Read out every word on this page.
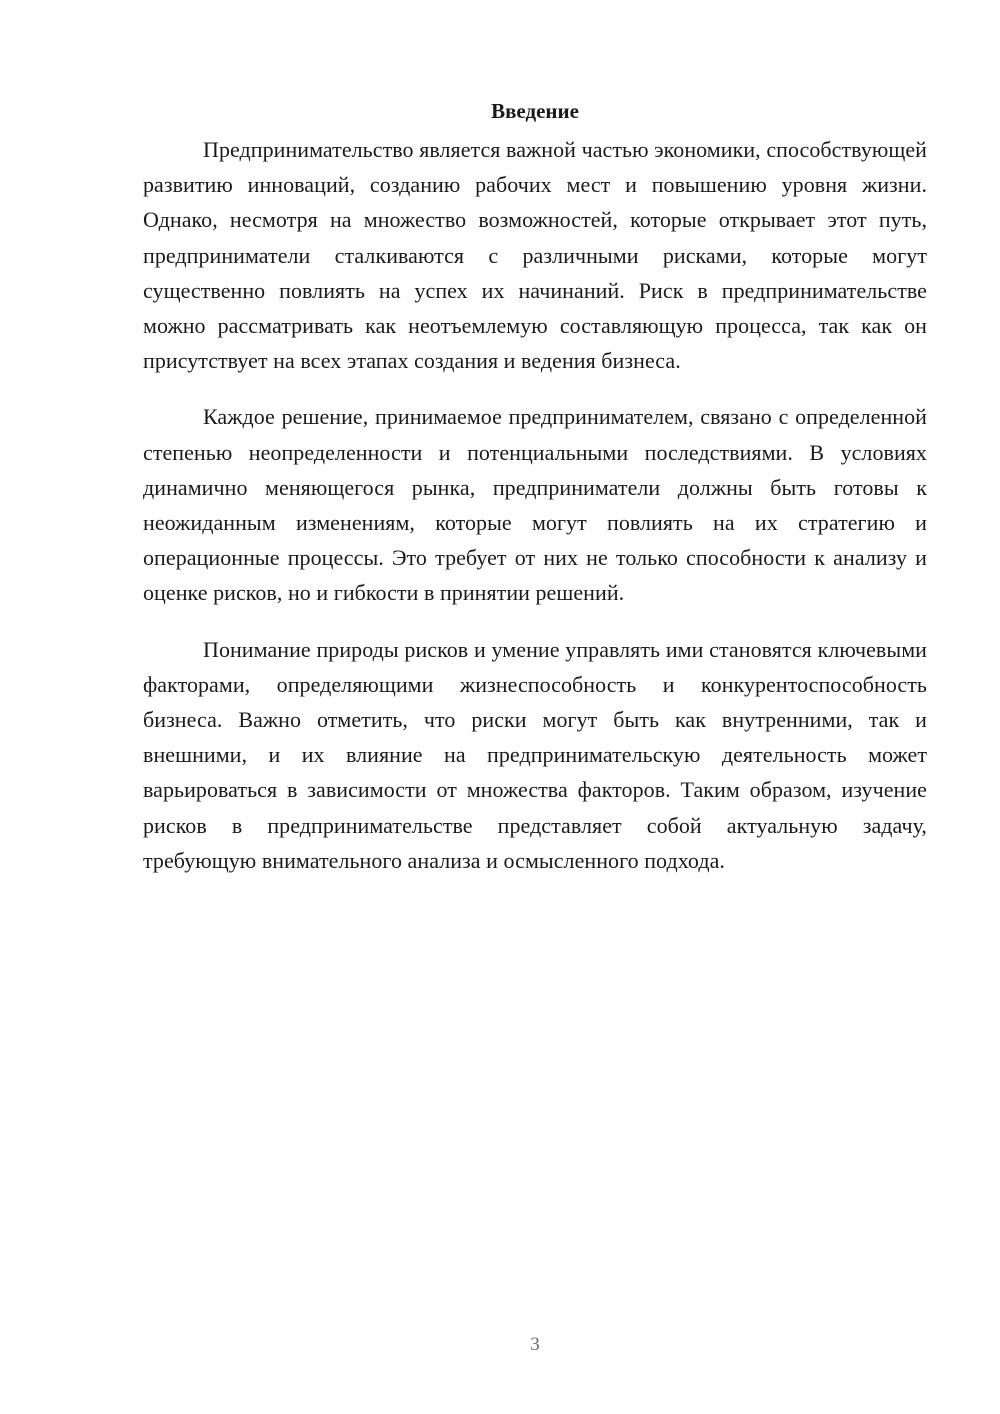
Введение

Предпринимательство является важной частью экономики, способствующей развитию инноваций, созданию рабочих мест и повышению уровня жизни. Однако, несмотря на множество возможностей, которые открывает этот путь, предприниматели сталкиваются с различными рисками, которые могут существенно повлиять на успех их начинаний. Риск в предпринимательстве можно рассматривать как неотъемлемую составляющую процесса, так как он присутствует на всех этапах создания и ведения бизнеса.

Каждое решение, принимаемое предпринимателем, связано с определенной степенью неопределенности и потенциальными последствиями. В условиях динамично меняющегося рынка, предприниматели должны быть готовы к неожиданным изменениям, которые могут повлиять на их стратегию и операционные процессы. Это требует от них не только способности к анализу и оценке рисков, но и гибкости в принятии решений.

Понимание природы рисков и умение управлять ими становятся ключевыми факторами, определяющими жизнеспособность и конкурентоспособность бизнеса. Важно отметить, что риски могут быть как внутренними, так и внешними, и их влияние на предпринимательскую деятельность может варьироваться в зависимости от множества факторов. Таким образом, изучение рисков в предпринимательстве представляет собой актуальную задачу, требующую внимательного анализа и осмысленного подхода.

3
